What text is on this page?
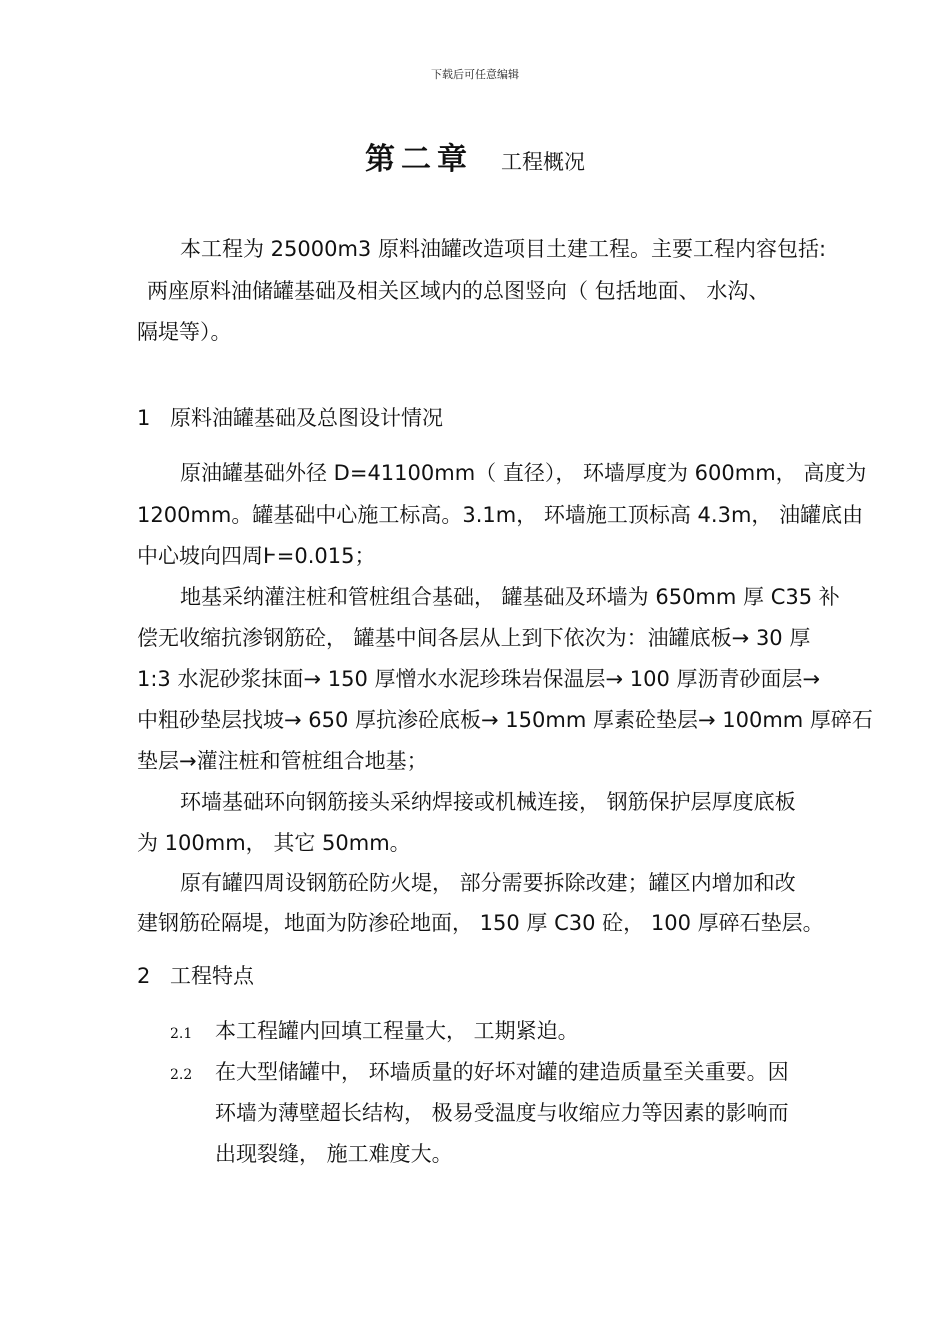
下载后可任意编辑
第二章 工程概况
本工程为 25000m3 原料油罐改造项目土建工程。主要工程内容包括:
两座原料油储罐基础及相关区域内的总图竖向（ 包括地面、 水沟、
隔堤等）。
1 原料油罐基础及总图设计情况
原油罐基础外径 D=41100mm（ 直径）， 环墙厚度为 600mm， 高度为
1200mm。罐基础中心施工标高。3.1m， 环墙施工顶标高 4.3m， 油罐底由
中心坡向四周Ⱶ=0.015；
地基采纳灌注桩和管桩组合基础， 罐基础及环墙为 650mm 厚 C35 补
偿无收缩抗渗钢筋砼， 罐基中间各层从上到下依次为：油罐底板→ 30 厚
1:3 水泥砂浆抹面→ 150 厚憎水水泥珍珠岩保温层→ 100 厚沥青砂面层→
中粗砂垫层找坡→ 650 厚抗渗砼底板→ 150mm 厚素砼垫层→ 100mm 厚碎石
垫层→灌注桩和管桩组合地基；
环墙基础环向钢筋接头采纳焊接或机械连接， 钢筋保护层厚度底板
为 100mm， 其它 50mm。
原有罐四周设钢筋砼防火堤， 部分需要拆除改建；罐区内增加和改
建钢筋砼隔堤，地面为防渗砼地面， 150 厚 C30 砼， 100 厚碎石垫层。
2 工程特点
2.1 本工程罐内回填工程量大， 工期紧迫。
2.2 在大型储罐中， 环墙质量的好坏对罐的建造质量至关重要。因
环墙为薄壁超长结构， 极易受温度与收缩应力等因素的影响而
出现裂缝， 施工难度大。
